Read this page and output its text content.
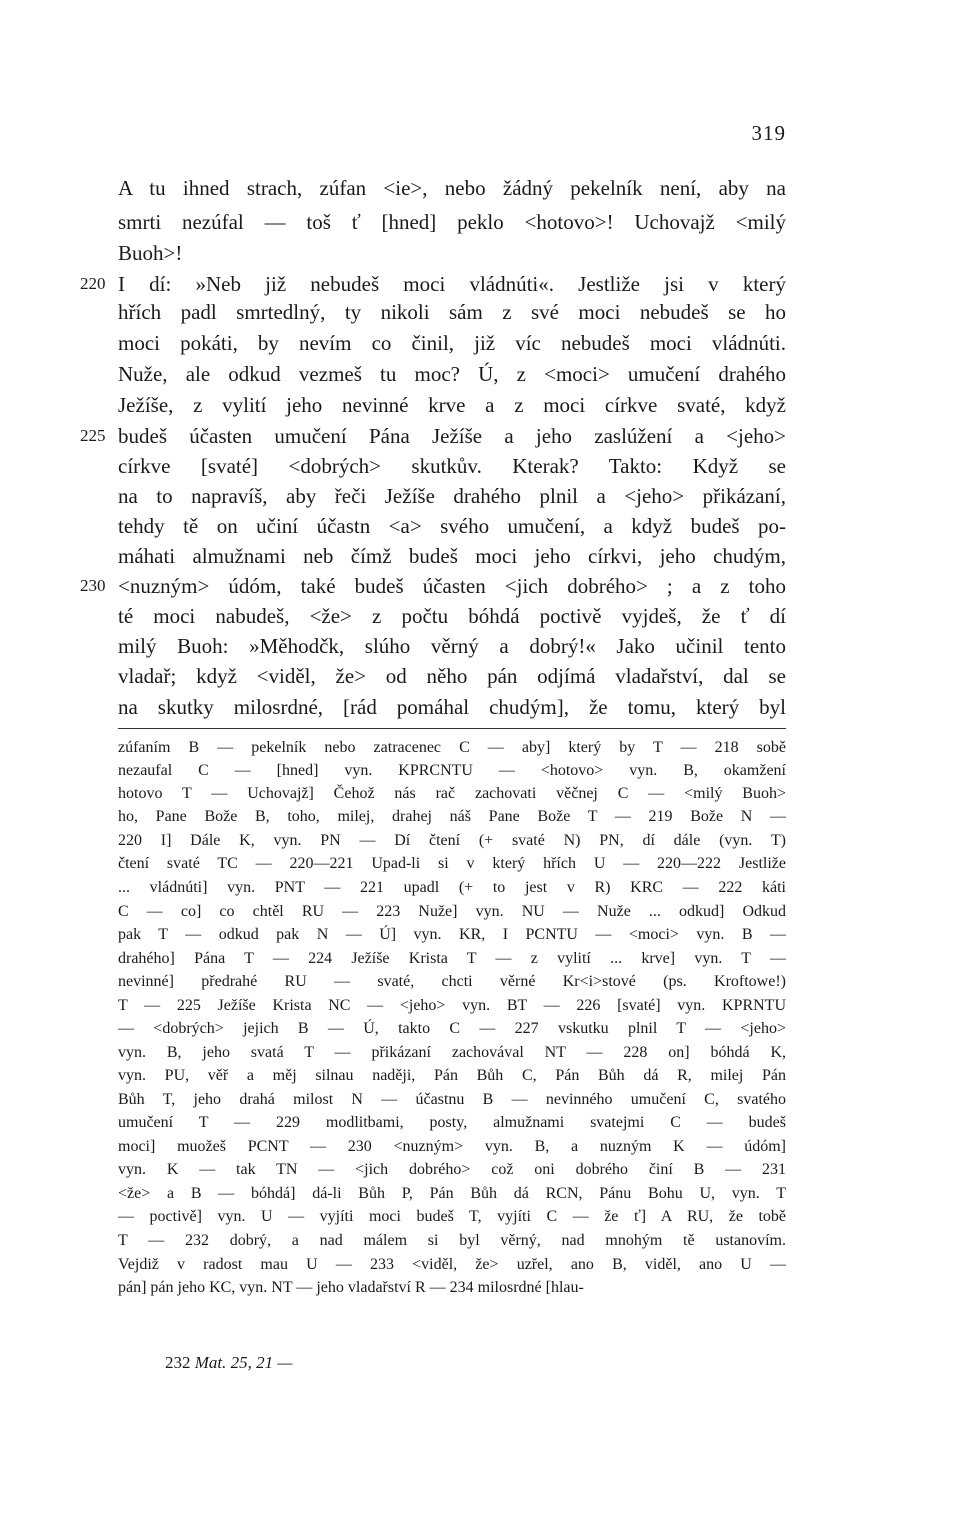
319
A tu ihned strach, zúfan <ie>, nebo žádný pekelník není, aby na
smrti nezúfal — toš ť [hned] peklo <hotovo>! Uchovajž <milý
Buoh>!
I dí: »Neb již nebudeš moci vládnúti«. Jestliže jsi v který
hřích padl smrtedlný, ty nikoli sám z své moci nebudeš se ho
moci pokáti, by nevím co činil, již víc nebudeš moci vládnúti.
Nuže, ale odkud vezmeš tu moc? Ú, z <moci> umučení drahého
Ježíše, z vylití jeho nevinné krve a z moci církve svaté, když
budeš účasten umučení Pána Ježíše a jeho zaslúžení a <jeho>
církve [svaté] <dobrých> skutkův. Kterak? Takto: Když se
na to napravíš, aby řeči Ježíše drahého plnil a <jeho> přikázaní,
tehdy tě on učiní účastn <a> svého umučení, a když budeš po-
máhati almužnami neb čímž budeš moci jeho církvi, jeho chudým,
<nuzným> údóm, také budeš účasten <jich dobrého> ; a z toho
té moci nabudeš, <že> z počtu bóhdá poctivě vyjdeš, že ť dí
milý Buoh: »Měhodčk, slúho věrný a dobrý!« Jako učinil tento
vladař; když <viděl, že> od něho pán odjímá vladařství, dal se
na skutky milosrdné, [rád pomáhal chudým], že tomu, který byl
220
225
230
zúfaním B — pekelník nebo zatracenec C — aby] který by T — 218 sobě
nezaufal C — [hned] vyn. KPRCNTU — <hotovo> vyn. B, okamžení
hotovo T — Uchovajž] Čehož nás rač zachovati věčnej C — <milý Buoh>
ho, Pane Bože B, toho, milej, drahej náš Pane Bože T — 219 Bože N —
220 I] Dále K, vyn. PN — Dí čtení (+ svaté N) PN, dí dále (vyn. T)
čtení svaté TC — 220—221 Upad-li si v který hřích U — 220—222 Jestliže
... vládnúti] vyn. PNT — 221 upadl (+ to jest v R) KRC — 222 káti
C — co] co chtěl RU — 223 Nuže] vyn. NU — Nuže ... odkud] Odkud
pak T — odkud pak N — Ú] vyn. KR, I PCNTU — <moci> vyn. B —
drahého] Pána T — 224 Ježíše Krista T — z vylití ... krve] vyn. T —
nevinné] předrahé RU — svaté, chcti věrné Kr<i>stové (ps. Kroftowe!)
T — 225 Ježíše Krista NC — <jeho> vyn. BT — 226 [svaté] vyn. KPRNTU
— <dobrých> jejich B — Ú, takto C — 227 vskutku plnil T — <jeho>
vyn. B, jeho svatá T — přikázaní zachovával NT — 228 on] bóhdá K,
vyn. PU, věř a měj silnau naději, Pán Bůh C, Pán Bůh dá R, milej Pán
Bůh T, jeho drahá milost N — účastnu B — nevinného umučení C, svatého
umučení T — 229 modlitbami, posty, almužnami svatejmi C — budeš
moci] muožeš PCNT — 230 <nuzným> vyn. B, a nuzným K — údóm]
vyn. K — tak TN — <jich dobrého> což oni dobrého činí B — 231
<že> a B — bóhdá] dá-li Bůh P, Pán Bůh dá RCN, Pánu Bohu U, vyn. T
— poctivě] vyn. U — vyjíti moci budeš T, vyjíti C — že ť] A RU, že tobě
T — 232 dobrý, a nad málem si byl věrný, nad mnohým tě ustanovím.
Vejdiž v radost mau U — 233 <viděl, že> uzřel, ano B, viděl, ano U —
pán] pán jeho KC, vyn. NT — jeho vladařství R — 234 milosrdné [hlau-
232 Mat. 25, 21 —
